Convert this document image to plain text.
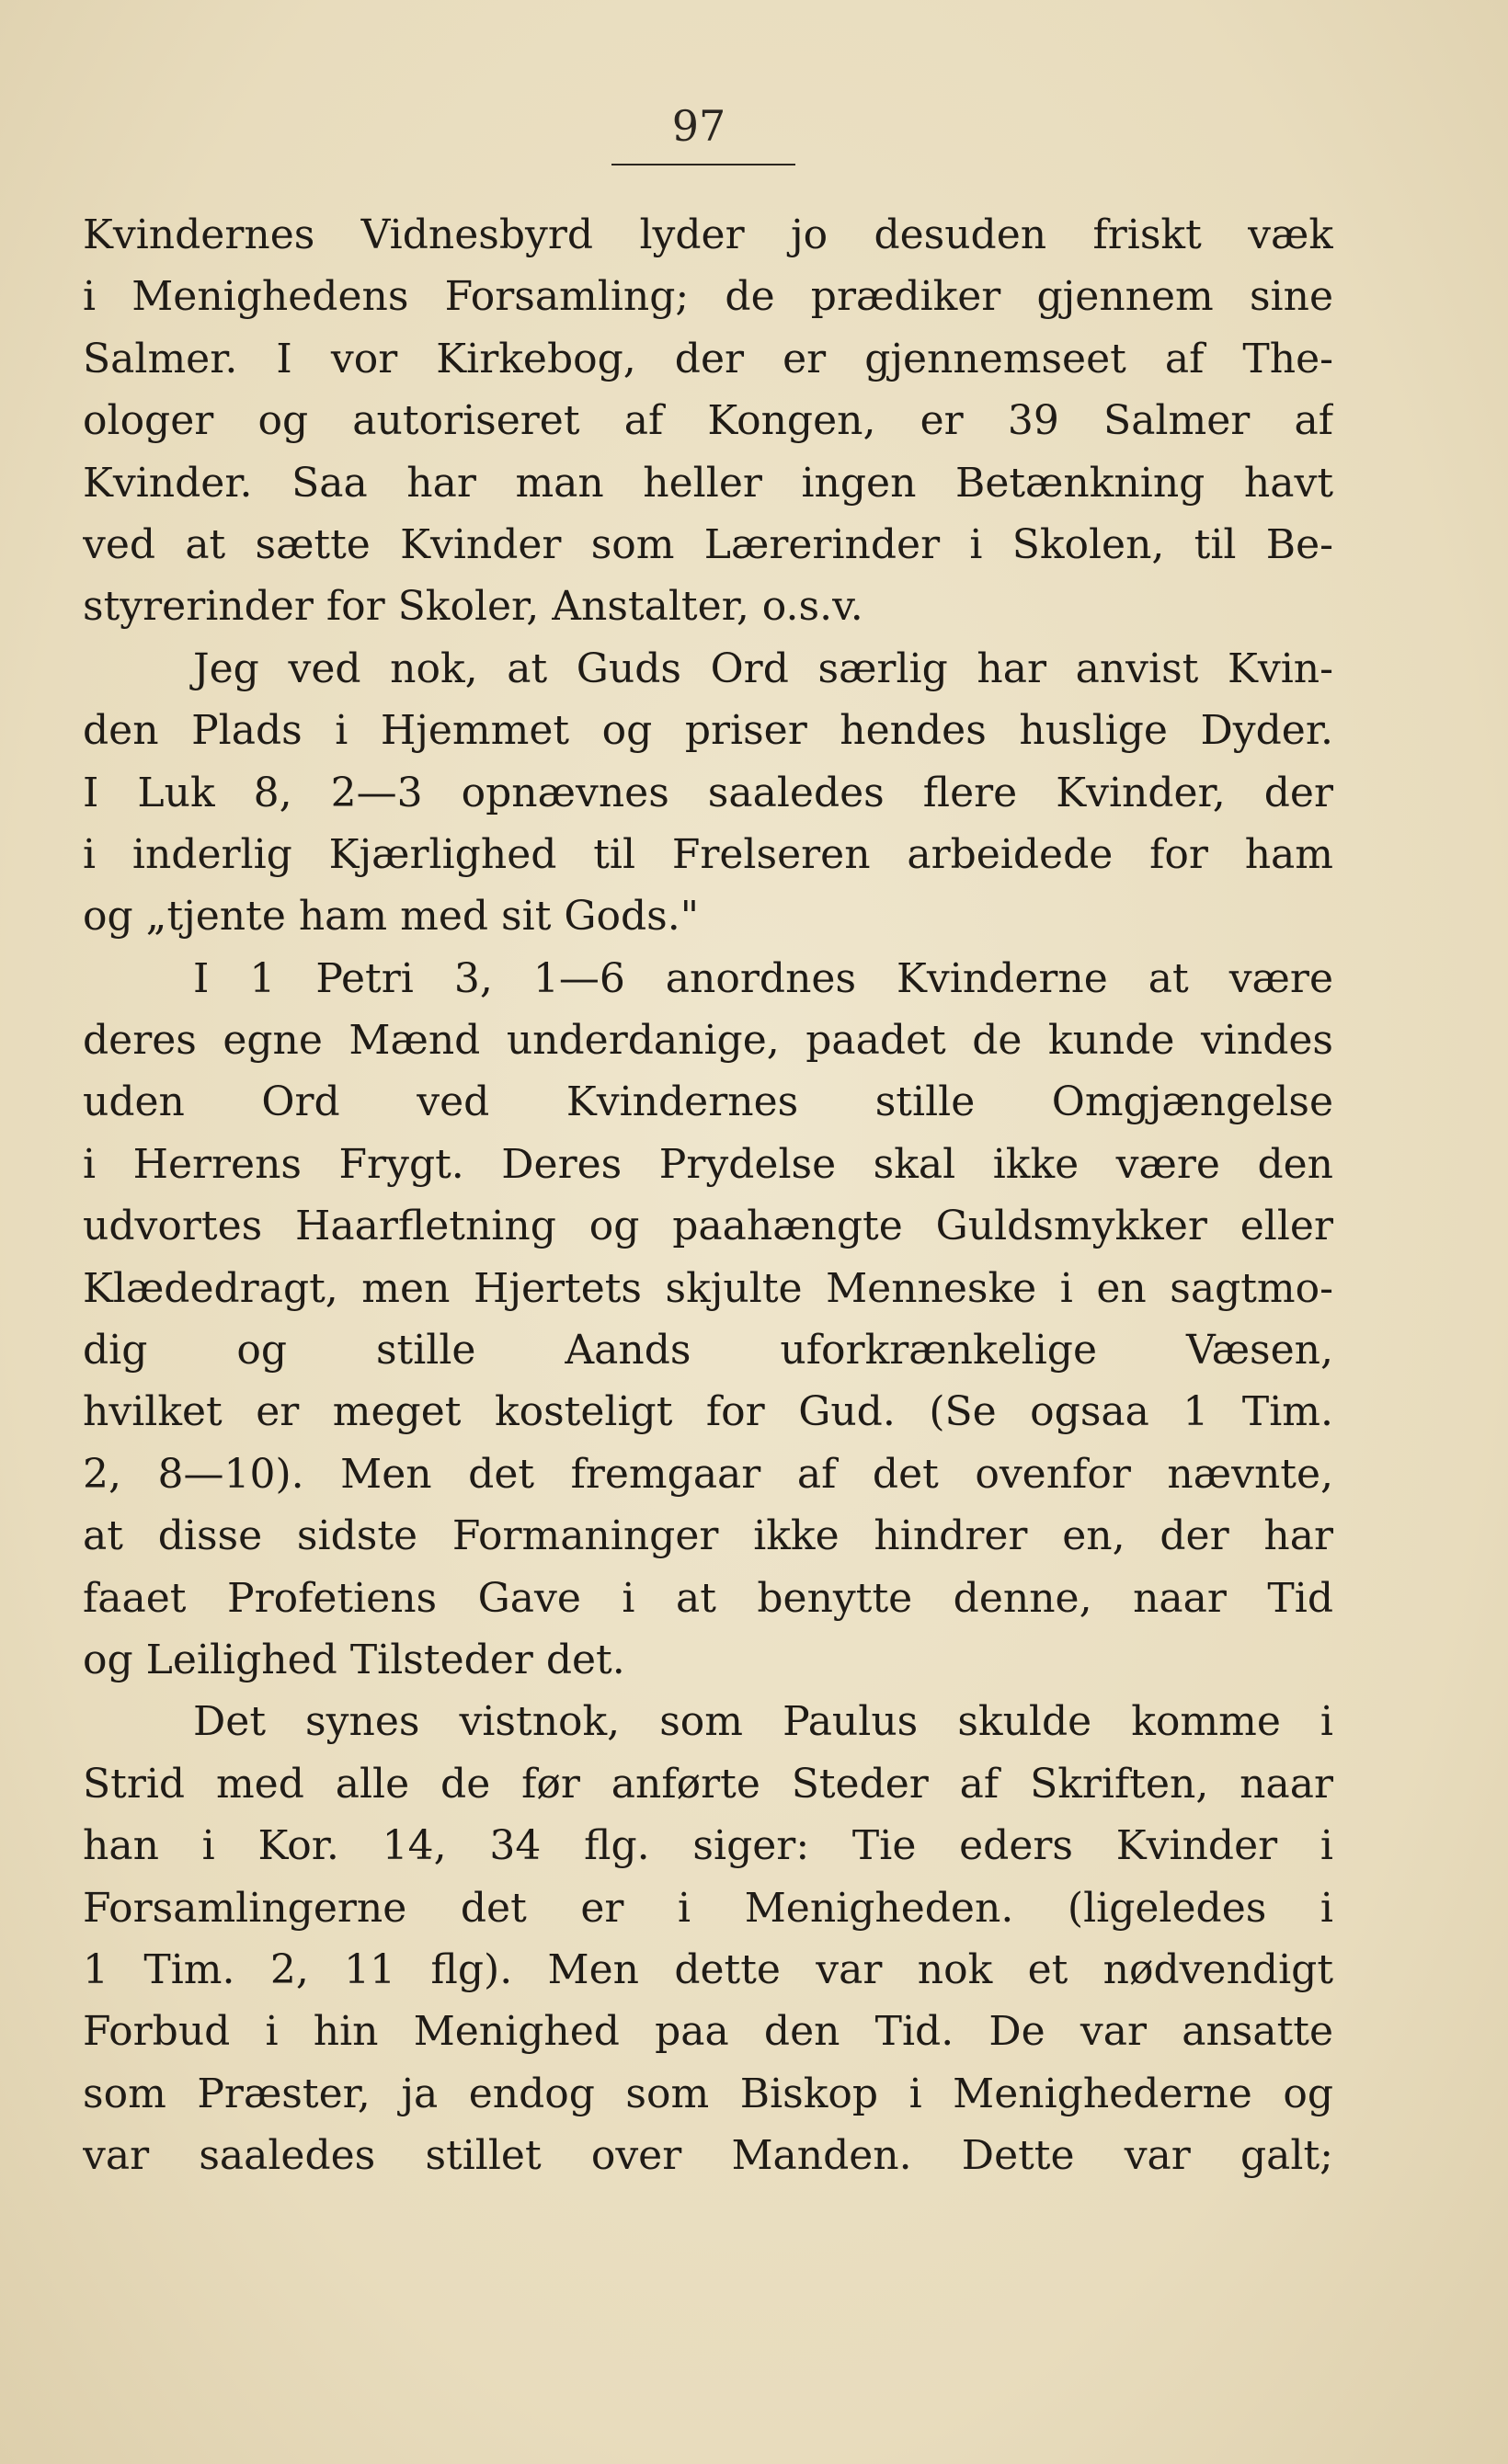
97
Kvindernes Vidnesbyrd lyder jo desuden friskt væk
i Menighedens Forsamling; de prædiker gjennem sine
Salmer. I vor Kirkebog, der er gjennemseet af The-
ologer og autoriseret af Kongen, er 39 Salmer af
Kvinder. Saa har man heller ingen Betænkning havt
ved at sætte Kvinder som Lærerinder i Skolen, til Be-
styrerinder for Skoler, Anstalter, o.s.v.
Jeg ved nok, at Guds Ord særlig har anvist Kvin-
den Plads i Hjemmet og priser hendes huslige Dyder.
I Luk 8, 2—3 opnævnes saaledes flere Kvinder, der
i inderlig Kjærlighed til Frelseren arbeidede for ham
og „tjente ham med sit Gods."
I 1 Petri 3, 1—6 anordnes Kvinderne at være
deres egne Mænd underdanige, paadet de kunde vindes
uden Ord ved Kvindernes stille Omgjængelse
i Herrens Frygt. Deres Prydelse skal ikke være den
udvortes Haarfletning og paahængte Guldsmykker eller
Klædedragt, men Hjertets skjulte Menneske i en sagtmo-
dig og stille Aands uforkrænkelige Væsen,
hvilket er meget kosteligt for Gud. (Se ogsaa 1 Tim.
2, 8—10). Men det fremgaar af det ovenfor nævnte,
at disse sidste Formaninger ikke hindrer en, der har
faaet Profetiens Gave i at benytte denne, naar Tid
og Leilighed Tilsteder det.
Det synes vistnok, som Paulus skulde komme i
Strid med alle de før anførte Steder af Skriften, naar
han i Kor. 14, 34 flg. siger: Tie eders Kvinder i
Forsamlingerne det er i Menigheden. (ligeledes i
1 Tim. 2, 11 flg). Men dette var nok et nødvendigt
Forbud i hin Menighed paa den Tid. De var ansatte
som Præster, ja endog som Biskop i Menighederne og
var saaledes stillet over Manden. Dette var galt;
